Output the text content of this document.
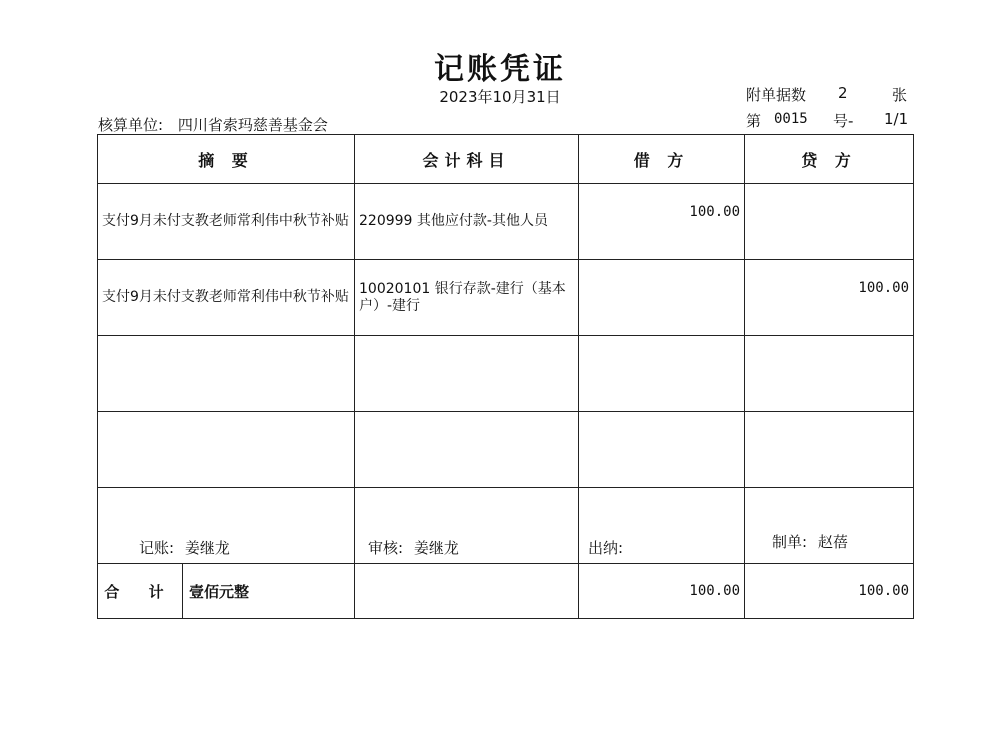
记账凭证
2023年10月31日	附单据数 2	张
第 0015 号- 1/1
核算单位: 四川省索玛慈善基金会
摘 要	会计科目	借 方	贷 方
支付9月未付支教老师常利伟中秋节补贴	220999 其他应付款-其他人员	100.00	
支付9月未付支教老师常利伟中秋节补贴	10020101 银行存款-建行（基本户）-建行		100.00

合 计 壹佰元整		100.00	100.00
记账: 姜继龙	审核: 姜继龙	出纳:	制单: 赵蓓
